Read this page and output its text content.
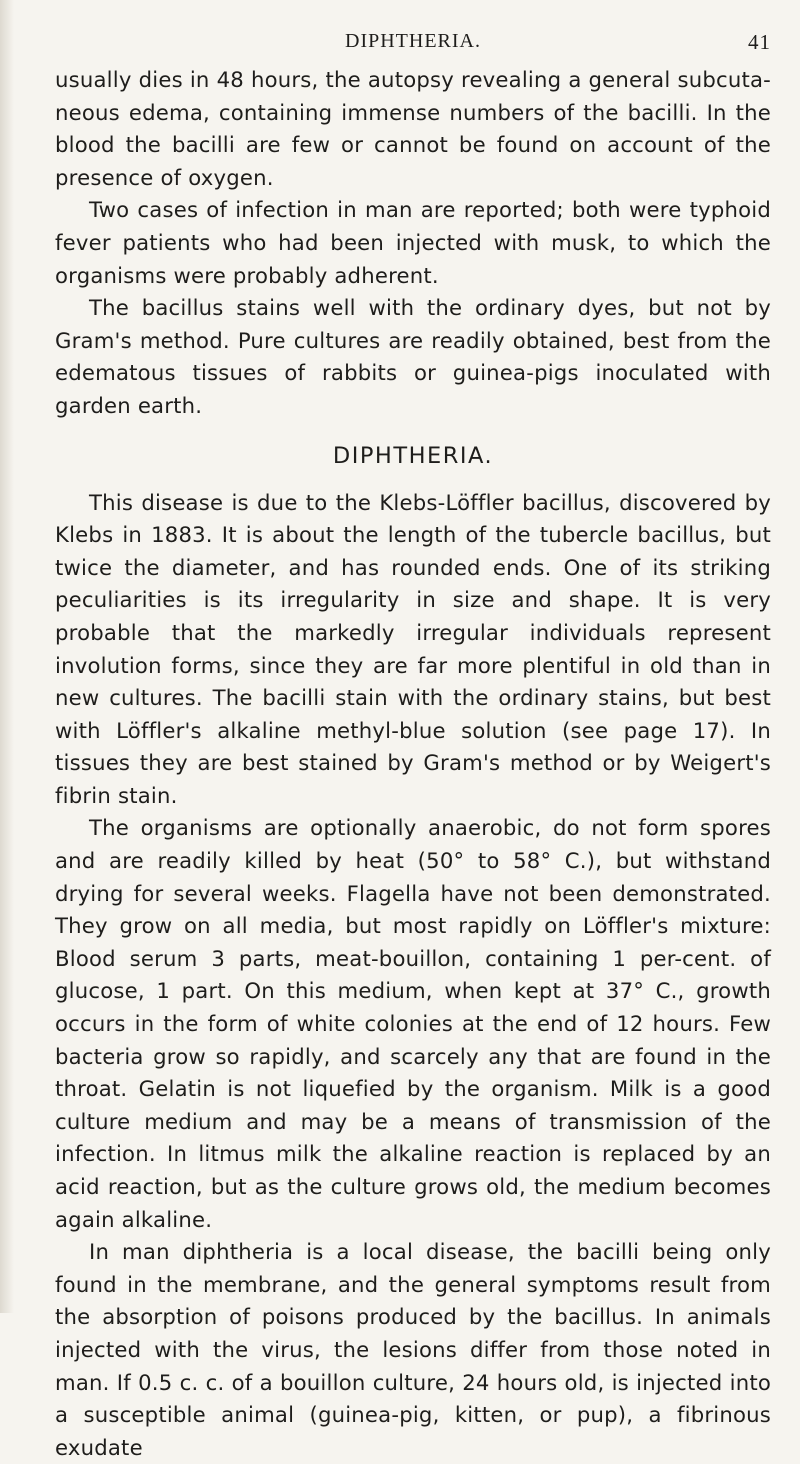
DIPHTHERIA.	41

usually dies in 48 hours, the autopsy revealing a general subcuta-neous edema, containing immense numbers of the bacilli. In the blood the bacilli are few or cannot be found on account of the presence of oxygen.

Two cases of infection in man are reported; both were typhoid fever patients who had been injected with musk, to which the organisms were probably adherent.

The bacillus stains well with the ordinary dyes, but not by Gram's method. Pure cultures are readily obtained, best from the edematous tissues of rabbits or guinea-pigs inoculated with garden earth.

DIPHTHERIA.

This disease is due to the Klebs-Löffler bacillus, discovered by Klebs in 1883. It is about the length of the tubercle bacillus, but twice the diameter, and has rounded ends. One of its striking peculiarities is its irregularity in size and shape. It is very probable that the markedly irregular individuals represent involution forms, since they are far more plentiful in old than in new cultures. The bacilli stain with the ordinary stains, but best with Löffler's alkaline methyl-blue solution (see page 17). In tissues they are best stained by Gram's method or by Weigert's fibrin stain.

The organisms are optionally anaerobic, do not form spores and are readily killed by heat (50° to 58° C.), but withstand drying for several weeks. Flagella have not been demonstrated. They grow on all media, but most rapidly on Löffler's mixture: Blood serum 3 parts, meat-bouillon, containing 1 per-cent. of glucose, 1 part. On this medium, when kept at 37° C., growth occurs in the form of white colonies at the end of 12 hours. Few bacteria grow so rapidly, and scarcely any that are found in the throat. Gelatin is not liquefied by the organism. Milk is a good culture medium and may be a means of transmission of the infection. In litmus milk the alkaline reaction is replaced by an acid reaction, but as the culture grows old, the medium becomes again alkaline.

In man diphtheria is a local disease, the bacilli being only found in the membrane, and the general symptoms result from the absorption of poisons produced by the bacillus. In animals injected with the virus, the lesions differ from those noted in man. If 0.5 c. c. of a bouillon culture, 24 hours old, is injected into a susceptible animal (guinea-pig, kitten, or pup), a fibrinous exudate
